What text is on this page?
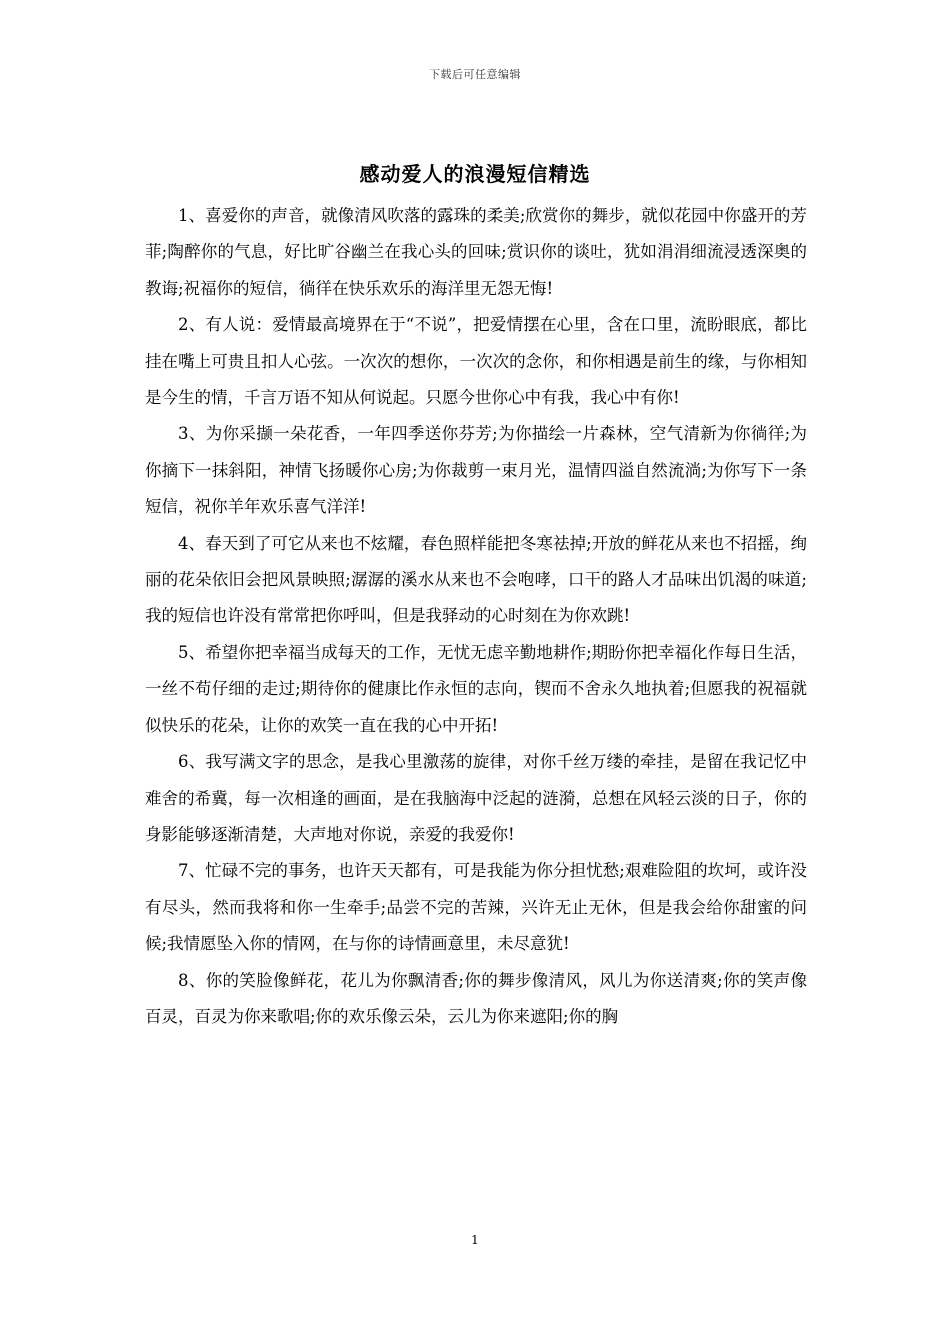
下载后可任意编辑
感动爱人的浪漫短信精选

1、喜爱你的声音，就像清风吹落的露珠的柔美;欣赏你的舞步，就似花园中你盛开的芳菲;陶醉你的气息，好比旷谷幽兰在我心头的回味;赏识你的谈吐，犹如涓涓细流浸透深奥的教诲;祝福你的短信，徜徉在快乐欢乐的海洋里无怨无悔!

2、有人说：爱情最高境界在于“不说”，把爱情摆在心里，含在口里，流盼眼底，都比挂在嘴上可贵且扣人心弦。一次次的想你，一次次的念你，和你相遇是前生的缘，与你相知是今生的情，千言万语不知从何说起。只愿今世你心中有我，我心中有你!

3、为你采撷一朵花香，一年四季送你芬芳;为你描绘一片森林，空气清新为你徜徉;为你摘下一抹斜阳，神情飞扬暖你心房;为你裁剪一束月光，温情四溢自然流淌;为你写下一条短信，祝你羊年欢乐喜气洋洋!

4、春天到了可它从来也不炫耀，春色照样能把冬寒祛掉;开放的鲜花从来也不招摇，绚丽的花朵依旧会把风景映照;潺潺的溪水从来也不会咆哮，口干的路人才品味出饥渴的味道;我的短信也许没有常常把你呼叫，但是我驿动的心时刻在为你欢跳!

5、希望你把幸福当成每天的工作，无忧无虑辛勤地耕作;期盼你把幸福化作每日生活，一丝不苟仔细的走过;期待你的健康比作永恒的志向，锲而不舍永久地执着;但愿我的祝福就似快乐的花朵，让你的欢笑一直在我的心中开拓!

6、我写满文字的思念，是我心里激荡的旋律，对你千丝万缕的牵挂，是留在我记忆中难舍的希冀，每一次相逢的画面，是在我脑海中泛起的涟漪，总想在风轻云淡的日子，你的身影能够逐渐清楚，大声地对你说，亲爱的我爱你!

7、忙碌不完的事务，也许天天都有，可是我能为你分担忧愁;艰难险阻的坎坷，或许没有尽头，然而我将和你一生牵手;品尝不完的苦辣，兴许无止无休，但是我会给你甜蜜的问候;我情愿坠入你的情网，在与你的诗情画意里，未尽意犹!

8、你的笑脸像鲜花，花儿为你飘清香;你的舞步像清风，风儿为你送清爽;你的笑声像百灵，百灵为你来歌唱;你的欢乐像云朵，云儿为你来遮阳;你的胸

1
